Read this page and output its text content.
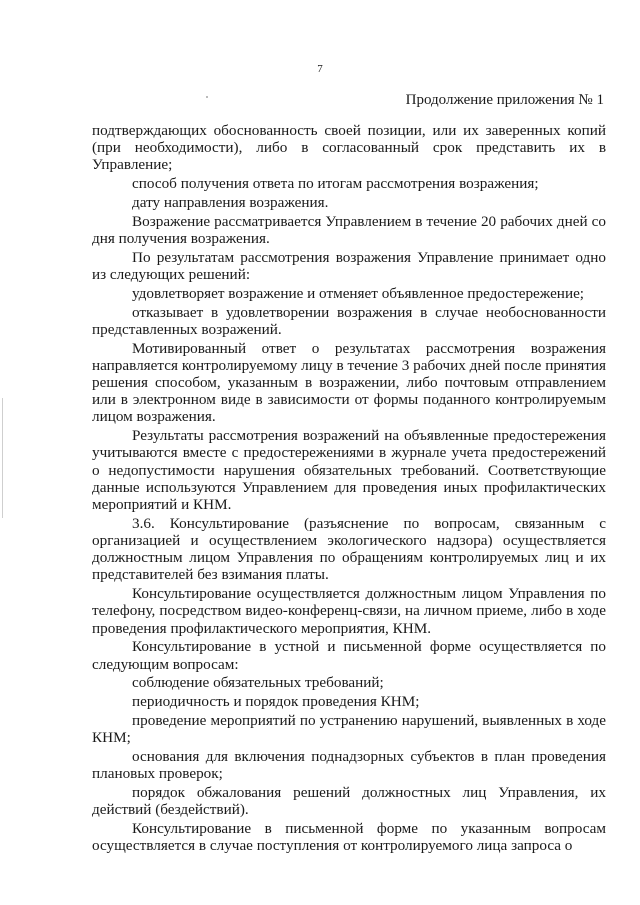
7
Продолжение приложения № 1

подтверждающих обоснованность своей позиции, или их заверенных копий (при необходимости), либо в согласованный срок представить их в Управление;

способ получения ответа по итогам рассмотрения возражения;

дату направления возражения.

Возражение рассматривается Управлением в течение 20 рабочих дней со дня получения возражения.

По результатам рассмотрения возражения Управление принимает одно из следующих решений:

удовлетворяет возражение и отменяет объявленное предостережение;

отказывает в удовлетворении возражения в случае необоснованности представленных возражений.

Мотивированный ответ о результатах рассмотрения возражения направляется контролируемому лицу в течение 3 рабочих дней после принятия решения способом, указанным в возражении, либо почтовым отправлением или в электронном виде в зависимости от формы поданного контролируемым лицом возражения.

Результаты рассмотрения возражений на объявленные предостережения учитываются вместе с предостережениями в журнале учета предостережений о недопустимости нарушения обязательных требований. Соответствующие данные используются Управлением для проведения иных профилактических мероприятий и КНМ.

3.6. Консультирование (разъяснение по вопросам, связанным с организацией и осуществлением экологического надзора) осуществляется должностным лицом Управления по обращениям контролируемых лиц и их представителей без взимания платы.

Консультирование осуществляется должностным лицом Управления по телефону, посредством видео-конференц-связи, на личном приеме, либо в ходе проведения профилактического мероприятия, КНМ.

Консультирование в устной и письменной форме осуществляется по следующим вопросам:

соблюдение обязательных требований;

периодичность и порядок проведения КНМ;

проведение мероприятий по устранению нарушений, выявленных в ходе КНМ;

основания для включения поднадзорных субъектов в план проведения плановых проверок;

порядок обжалования решений должностных лиц Управления, их действий (бездействий).

Консультирование в письменной форме по указанным вопросам осуществляется в случае поступления от контролируемого лица запроса о
